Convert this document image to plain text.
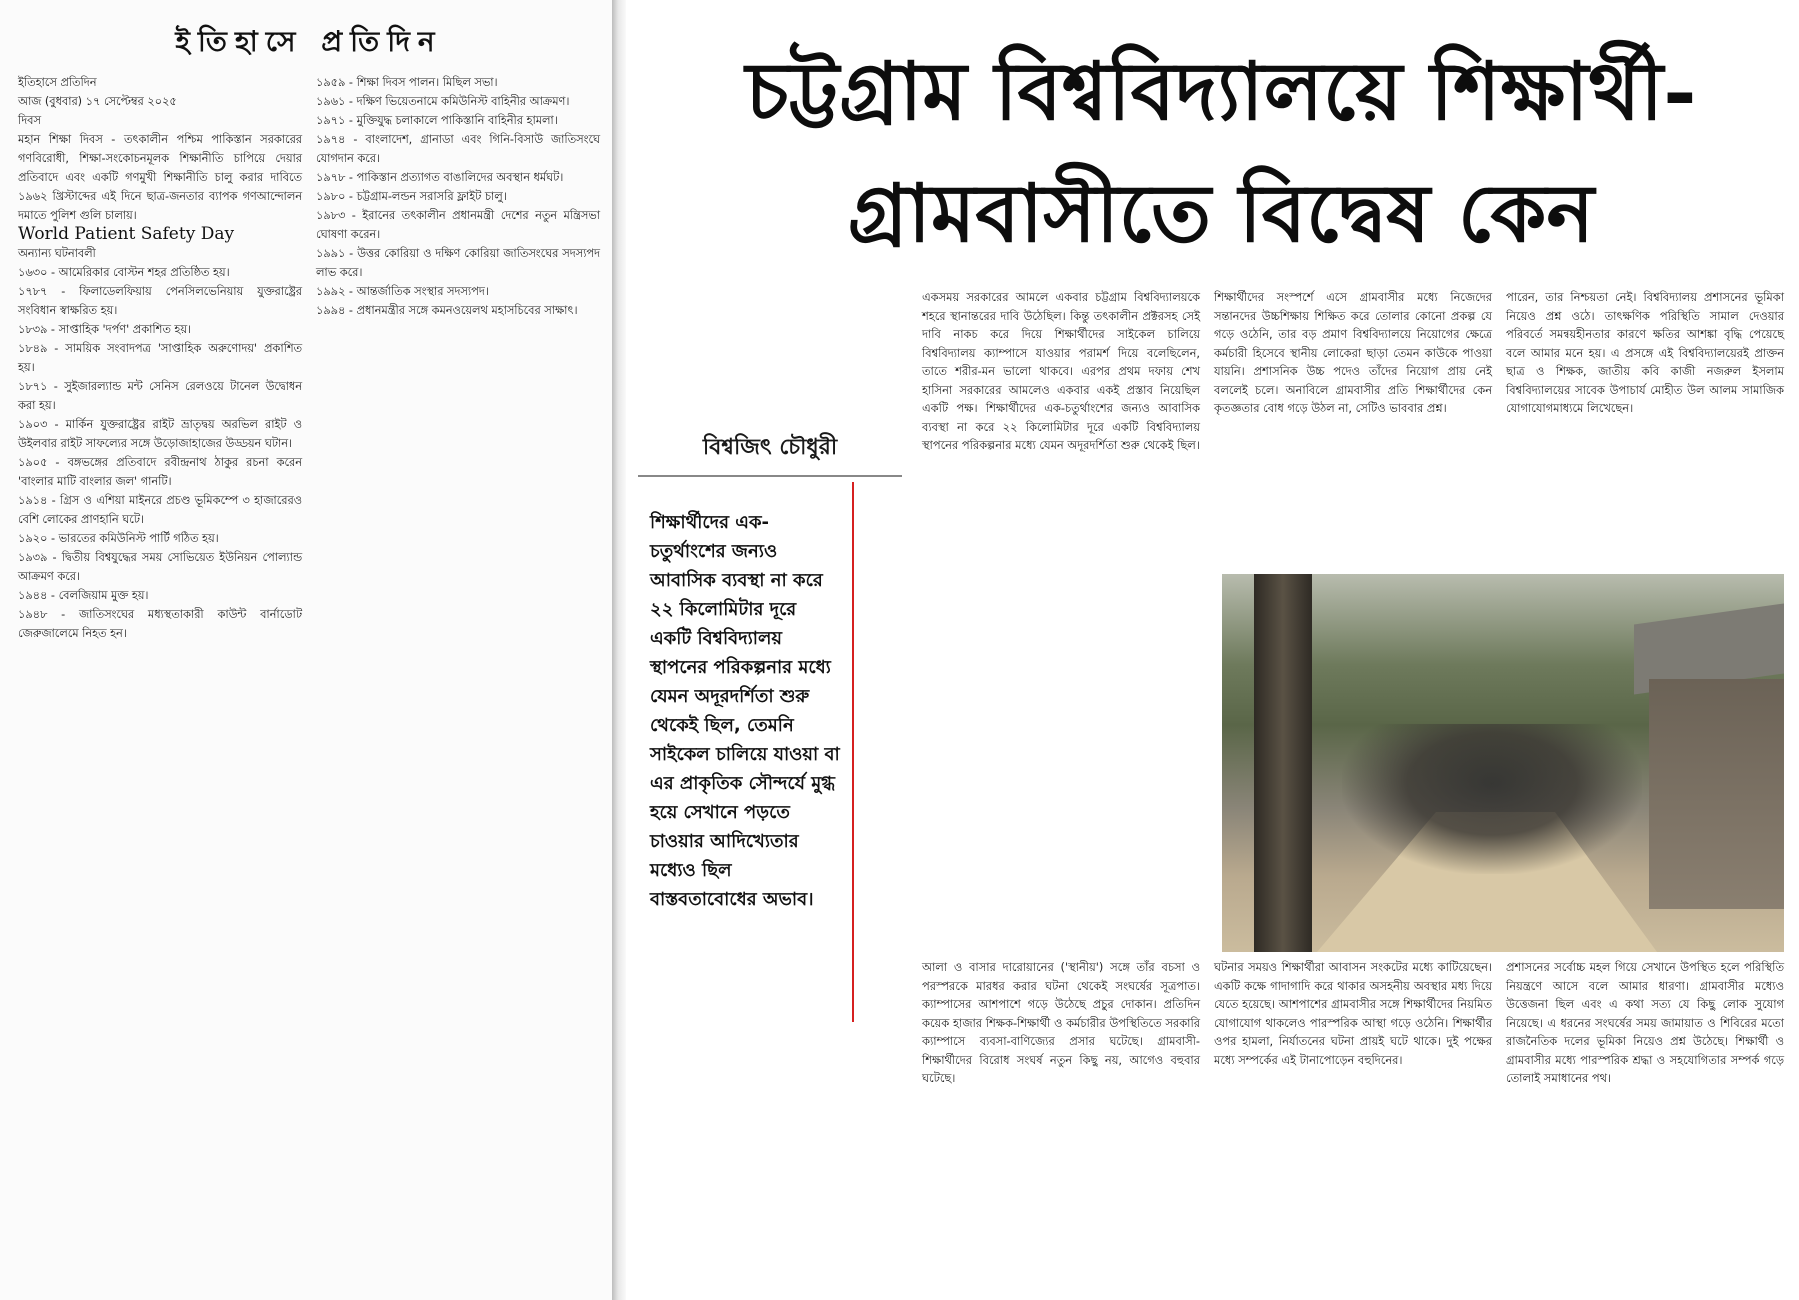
ইতিহাসে প্রতিদিন

ইতিহাসে প্রতিদিন

আজ (বুধবার) ১৭ সেপ্টেম্বর ২০২৫

দিবস

মহান শিক্ষা দিবস - তৎকালীন পশ্চিম পাকিস্তান সরকারের গণবিরোধী, শিক্ষা-সংকোচনমূলক শিক্ষানীতি চাপিয়ে দেয়ার প্রতিবাদে এবং একটি গণমুখী শিক্ষানীতি চালু করার দাবিতে ১৯৬২ খ্রিস্টাব্দের এই দিনে ছাত্র-জনতার ব্যাপক গণআন্দোলন দমাতে পুলিশ গুলি চালায়।

World Patient Safety Day

অন্যান্য ঘটনাবলী

১৬৩০ - আমেরিকার বোস্টন শহর প্রতিষ্ঠিত হয়।

১৭৮৭ - ফিলাডেলফিয়ায় পেনসিলভেনিয়ায় যুক্তরাষ্ট্রের সংবিধান স্বাক্ষরিত হয়।

১৮৩৯ - সাপ্তাহিক 'দর্পণ' প্রকাশিত হয়।

১৮৪৯ - সাময়িক সংবাদপত্র 'সাপ্তাহিক অরুণোদয়' প্রকাশিত হয়।

১৮৭১ - সুইজারল্যান্ড মন্ট সেনিস রেলওয়ে টানেল উদ্বোধন করা হয়।

১৯০৩ - মার্কিন যুক্তরাষ্ট্রের রাইট ভ্রাতৃদ্বয় অরভিল রাইট ও উইলবার রাইট সাফল্যের সঙ্গে উড়োজাহাজের উড্ডয়ন ঘটান।

১৯০৫ - বঙ্গভঙ্গের প্রতিবাদে রবীন্দ্রনাথ ঠাকুর রচনা করেন 'বাংলার মাটি বাংলার জল' গানটি।

১৯১৪ - গ্রিস ও এশিয়া মাইনরে প্রচণ্ড ভূমিকম্পে ৩ হাজারেরও বেশি লোকের প্রাণহানি ঘটে।

১৯২০ - ভারতের কমিউনিস্ট পার্টি গঠিত হয়।

১৯৩৯ - দ্বিতীয় বিশ্বযুদ্ধের সময় সোভিয়েত ইউনিয়ন পোল্যান্ড আক্রমণ করে।

১৯৪৪ - বেলজিয়াম মুক্ত হয়।

১৯৪৮ - জাতিসংঘের মধ্যস্থতাকারী কাউন্ট বার্নাডোট জেরুজালেমে নিহত হন।

১৯৫৯ - শিক্ষা দিবস পালন। মিছিল সভা।

১৯৬১ - দক্ষিণ ভিয়েতনামে কমিউনিস্ট বাহিনীর আক্রমণ।

১৯৭১ - মুক্তিযুদ্ধ চলাকালে পাকিস্তানি বাহিনীর হামলা।

১৯৭৪ - বাংলাদেশ, গ্রানাডা এবং গিনি-বিসাউ জাতিসংঘে যোগদান করে।

১৯৭৮ - পাকিস্তান প্রত্যাগত বাঙালিদের অবস্থান ধর্মঘট।

১৯৮০ - চট্টগ্রাম-লন্ডন সরাসরি ফ্লাইট চালু।

১৯৮৩ - ইরানের তৎকালীন প্রধানমন্ত্রী দেশের নতুন মন্ত্রিসভা ঘোষণা করেন।

১৯৯১ - উত্তর কোরিয়া ও দক্ষিণ কোরিয়া জাতিসংঘের সদস্যপদ লাভ করে।

১৯৯২ - আন্তর্জাতিক সংস্থার সদস্যপদ।

১৯৯৪ - প্রধানমন্ত্রীর সঙ্গে কমনওয়েলথ মহাসচিবের সাক্ষাৎ।

চট্টগ্রাম বিশ্ববিদ্যালয়ে শিক্ষার্থী-গ্রামবাসীতে বিদ্বেষ কেন

বিশ্বজিৎ চৌধুরী

শিক্ষার্থীদের এক-চতুর্থাংশের জন্যও আবাসিক ব্যবস্থা না করে ২২ কিলোমিটার দূরে একটি বিশ্ববিদ্যালয় স্থাপনের পরিকল্পনার মধ্যে যেমন অদূরদর্শিতা শুরু থেকেই ছিল, তেমনি সাইকেল চালিয়ে যাওয়া বা এর প্রাকৃতিক সৌন্দর্যে মুগ্ধ হয়ে সেখানে পড়তে চাওয়ার আদিখ্যেতার মধ্যেও ছিল বাস্তবতাবোধের অভাব।

একসময় সরকারের আমলে একবার চট্টগ্রাম বিশ্ববিদ্যালয়কে শহরে স্থানান্তরের দাবি উঠেছিল। কিন্তু তৎকালীন প্রক্টরসহ সেই দাবি নাকচ করে দিয়ে শিক্ষার্থীদের সাইকেল চালিয়ে বিশ্ববিদ্যালয় ক্যাম্পাসে যাওয়ার পরামর্শ দিয়ে বলেছিলেন, তাতে শরীর-মন ভালো থাকবে। এরপর প্রথম দফায় শেখ হাসিনা সরকারের আমলেও একবার একই প্রস্তাব নিয়েছিল একটি পক্ষ। শিক্ষার্থীদের এক-চতুর্থাংশের জন্যও আবাসিক ব্যবস্থা না করে ২২ কিলোমিটার দূরে একটি বিশ্ববিদ্যালয় স্থাপনের পরিকল্পনার মধ্যে যেমন অদূরদর্শিতা শুরু থেকেই ছিল।

শিক্ষার্থীদের সংস্পর্শে এসে গ্রামবাসীর মধ্যে নিজেদের সন্তানদের উচ্চশিক্ষায় শিক্ষিত করে তোলার কোনো প্রকল্প যে গড়ে ওঠেনি, তার বড় প্রমাণ বিশ্ববিদ্যালয়ে নিয়োগের ক্ষেত্রে কর্মচারী হিসেবে স্থানীয় লোকেরা ছাড়া তেমন কাউকে পাওয়া যায়নি। প্রশাসনিক উচ্চ পদেও তাঁদের নিয়োগ প্রায় নেই বললেই চলে। অনাবিলে গ্রামবাসীর প্রতি শিক্ষার্থীদের কেন কৃতজ্ঞতার বোধ গড়ে উঠল না, সেটিও ভাববার প্রশ্ন।

পারেন, তার নিশ্চয়তা নেই। বিশ্ববিদ্যালয় প্রশাসনের ভূমিকা নিয়েও প্রশ্ন ওঠে। তাৎক্ষণিক পরিস্থিতি সামাল দেওয়ার পরিবর্তে সমন্বয়হীনতার কারণে ক্ষতির আশঙ্কা বৃদ্ধি পেয়েছে বলে আমার মনে হয়। এ প্রসঙ্গে এই বিশ্ববিদ্যালয়েরই প্রাক্তন ছাত্র ও শিক্ষক, জাতীয় কবি কাজী নজরুল ইসলাম বিশ্ববিদ্যালয়ের সাবেক উপাচার্য মোহীত উল আলম সামাজিক যোগাযোগমাধ্যমে লিখেছেন।

আলা ও বাসার দারোয়ানের ('স্থানীয়') সঙ্গে তাঁর বচসা ও পরস্পরকে মারধর করার ঘটনা থেকেই সংঘর্ষের সূত্রপাত। ক্যাম্পাসের আশপাশে গড়ে উঠেছে প্রচুর দোকান। প্রতিদিন কয়েক হাজার শিক্ষক-শিক্ষার্থী ও কর্মচারীর উপস্থিতিতে সরকারি ক্যাম্পাসে ব্যবসা-বাণিজ্যের প্রসার ঘটেছে। গ্রামবাসী-শিক্ষার্থীদের বিরোধ সংঘর্ষ নতুন কিছু নয়, আগেও বহুবার ঘটেছে।

ঘটনার সময়ও শিক্ষার্থীরা আবাসন সংকটের মধ্যে কাটিয়েছেন। একটি কক্ষে গাদাগাদি করে থাকার অসহনীয় অবস্থার মধ্য দিয়ে যেতে হয়েছে। আশপাশের গ্রামবাসীর সঙ্গে শিক্ষার্থীদের নিয়মিত যোগাযোগ থাকলেও পারস্পরিক আস্থা গড়ে ওঠেনি। শিক্ষার্থীর ওপর হামলা, নির্যাতনের ঘটনা প্রায়ই ঘটে থাকে। দুই পক্ষের মধ্যে সম্পর্কের এই টানাপোড়েন বহুদিনের।

প্রশাসনের সর্বোচ্চ মহল গিয়ে সেখানে উপস্থিত হলে পরিস্থিতি নিয়ন্ত্রণে আসে বলে আমার ধারণা। গ্রামবাসীর মধ্যেও উত্তেজনা ছিল এবং এ কথা সত্য যে কিছু লোক সুযোগ নিয়েছে। এ ধরনের সংঘর্ষের সময় জামায়াত ও শিবিরের মতো রাজনৈতিক দলের ভূমিকা নিয়েও প্রশ্ন উঠেছে। শিক্ষার্থী ও গ্রামবাসীর মধ্যে পারস্পরিক শ্রদ্ধা ও সহযোগিতার সম্পর্ক গড়ে তোলাই সমাধানের পথ।
